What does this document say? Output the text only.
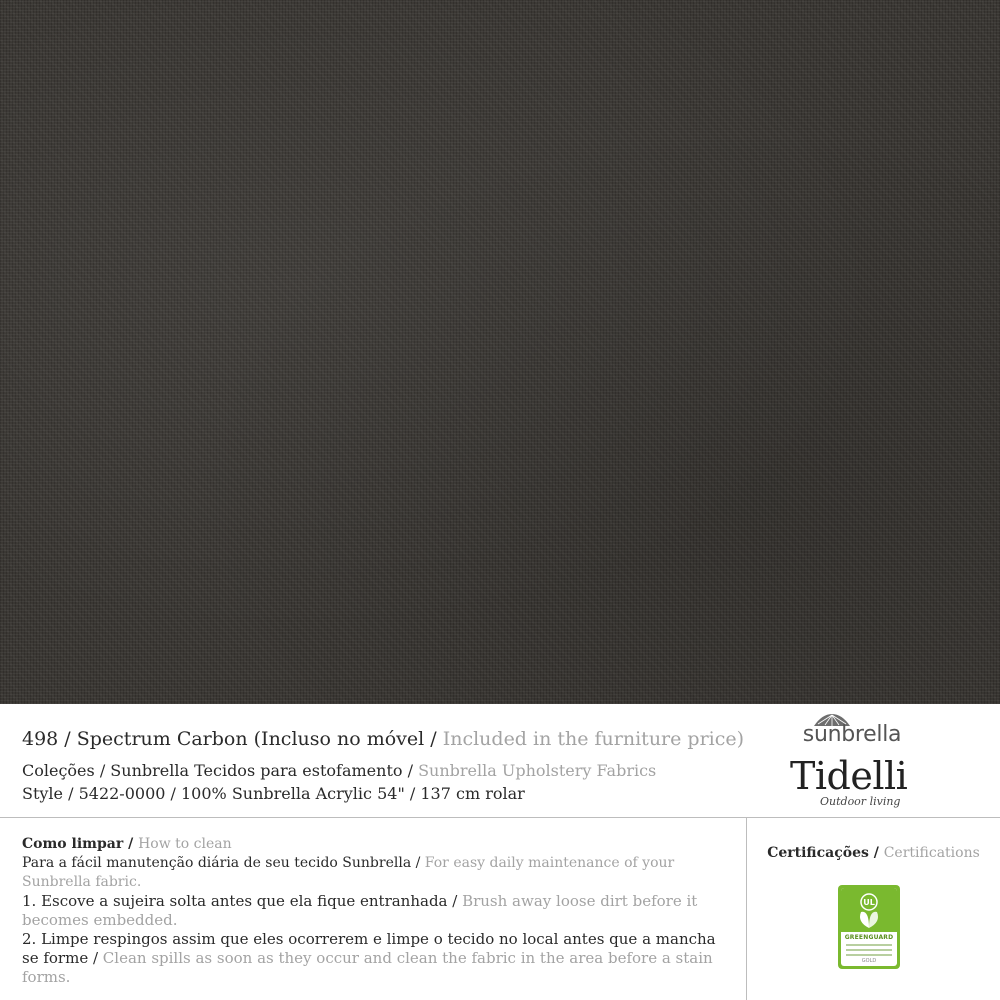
498 / Spectrum Carbon (Incluso no móvel / Included in the furniture price)

Coleções / Sunbrella Tecidos para estofamento / Sunbrella Upholstery Fabrics

Style / 5422-0000 / 100% Sunbrella Acrylic 54" / 137 cm rolar

sunbrella
Tidelli
Outdoor living

Como limpar / How to clean

Para a fácil manutenção diária de seu tecido Sunbrella / For easy daily maintenance of your Sunbrella fabric.

1. Escove a sujeira solta antes que ela fique entranhada / Brush away loose dirt before it becomes embedded.

2. Limpe respingos assim que eles ocorrerem e limpe o tecido no local antes que a mancha se forme / Clean spills as soon as they occur and clean the fabric in the area before a stain forms.

Certificações / Certifications

UL
GREENGUARD
GOLD
